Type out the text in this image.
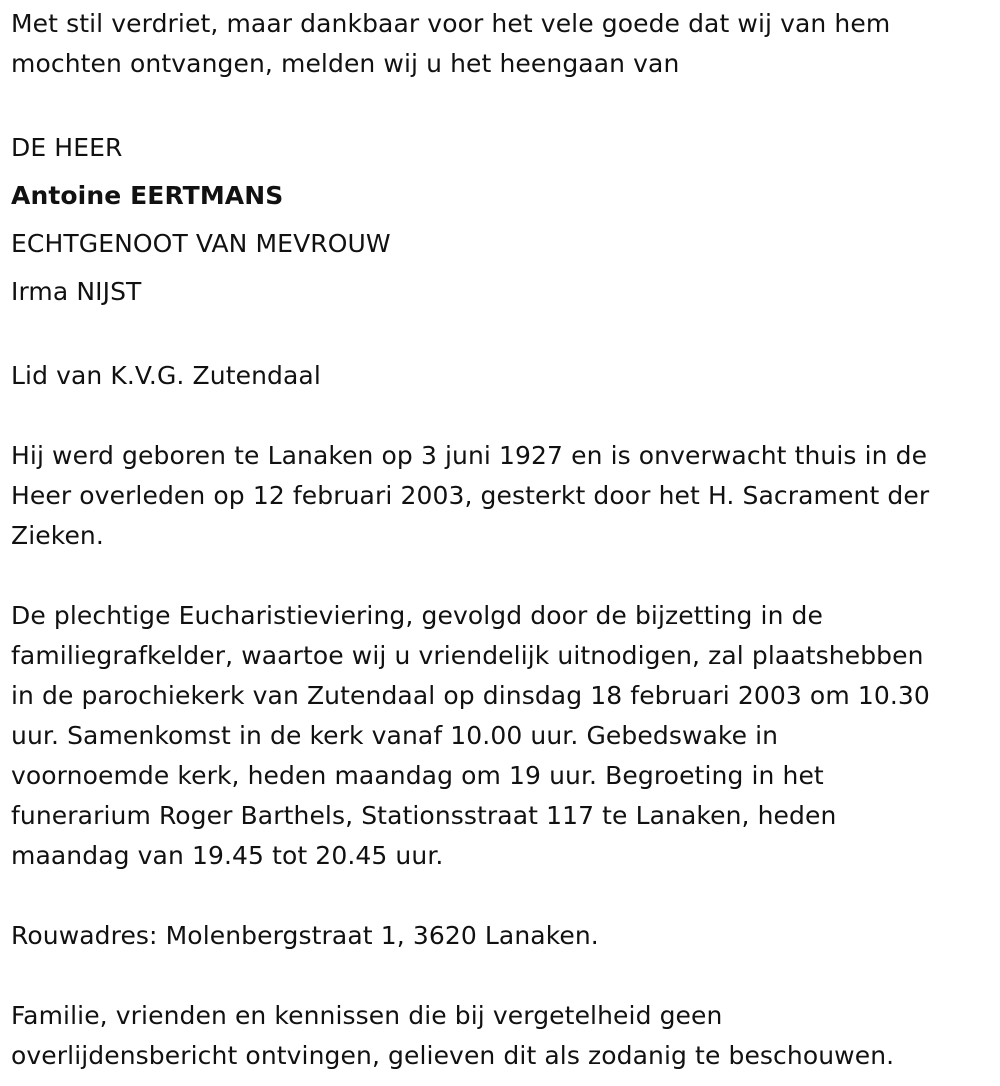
Met stil verdriet, maar dankbaar voor het vele goede dat wij van hem
mochten ontvangen, melden wij u het heengaan van
DE HEER
Antoine EERTMANS
ECHTGENOOT VAN MEVROUW
Irma NIJST
Lid van K.V.G. Zutendaal
Hij werd geboren te Lanaken op 3 juni 1927 en is onverwacht thuis in de
Heer overleden op 12 februari 2003, gesterkt door het H. Sacrament der
Zieken.
De plechtige Eucharistieviering, gevolgd door de bijzetting in de
familiegrafkelder, waartoe wij u vriendelijk uitnodigen, zal plaatshebben
in de parochiekerk van Zutendaal op dinsdag 18 februari 2003 om 10.30
uur. Samenkomst in de kerk vanaf 10.00 uur. Gebedswake in
voornoemde kerk, heden maandag om 19 uur. Begroeting in het
funerarium Roger Barthels, Stationsstraat 117 te Lanaken, heden
maandag van 19.45 tot 20.45 uur.
Rouwadres: Molenbergstraat 1, 3620 Lanaken.
Familie, vrienden en kennissen die bij vergetelheid geen
overlijdensbericht ontvingen, gelieven dit als zodanig te beschouwen.
